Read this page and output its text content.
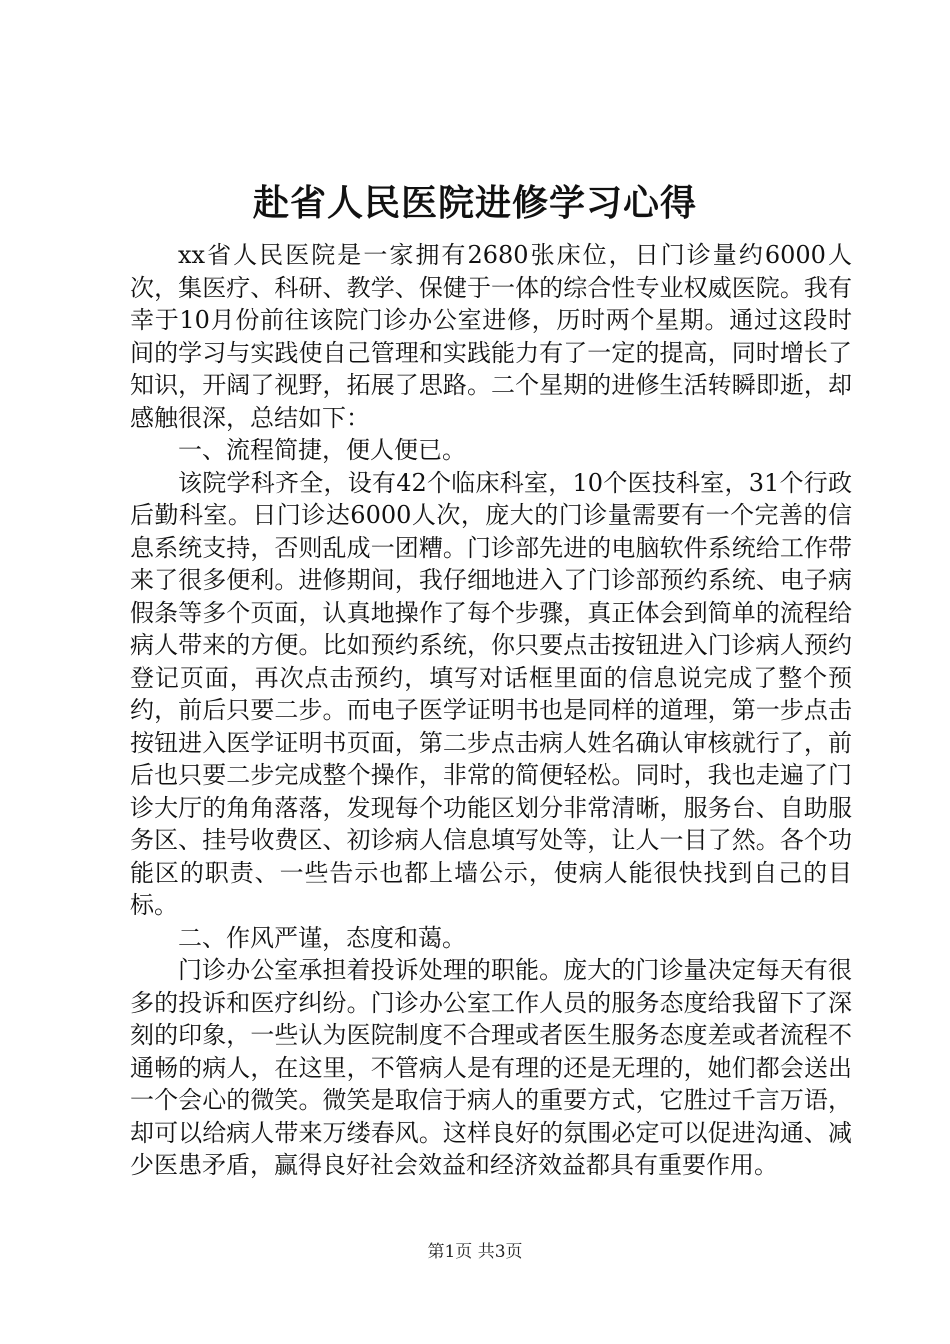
赴省人民医院进修学习心得

xx省人民医院是一家拥有2680张床位，日门诊量约6000人次，集医疗、科研、教学、保健于一体的综合性专业权威医院。我有幸于10月份前往该院门诊办公室进修，历时两个星期。通过这段时间的学习与实践使自己管理和实践能力有了一定的提高，同时增长了知识，开阔了视野，拓展了思路。二个星期的进修生活转瞬即逝，却感触很深，总结如下：

一、流程简捷，便人便已。

该院学科齐全，设有42个临床科室，10个医技科室，31个行政后勤科室。日门诊达6000人次，庞大的门诊量需要有一个完善的信息系统支持，否则乱成一团糟。门诊部先进的电脑软件系统给工作带来了很多便利。进修期间，我仔细地进入了门诊部预约系统、电子病假条等多个页面，认真地操作了每个步骤，真正体会到简单的流程给病人带来的方便。比如预约系统，你只要点击按钮进入门诊病人预约登记页面，再次点击预约，填写对话框里面的信息说完成了整个预约，前后只要二步。而电子医学证明书也是同样的道理，第一步点击按钮进入医学证明书页面，第二步点击病人姓名确认审核就行了，前后也只要二步完成整个操作，非常的简便轻松。同时，我也走遍了门诊大厅的角角落落，发现每个功能区划分非常清晰，服务台、自助服务区、挂号收费区、初诊病人信息填写处等，让人一目了然。各个功能区的职责、一些告示也都上墙公示，使病人能很快找到自己的目标。

二、作风严谨，态度和蔼。

门诊办公室承担着投诉处理的职能。庞大的门诊量决定每天有很多的投诉和医疗纠纷。门诊办公室工作人员的服务态度给我留下了深刻的印象，一些认为医院制度不合理或者医生服务态度差或者流程不通畅的病人，在这里，不管病人是有理的还是无理的，她们都会送出一个会心的微笑。微笑是取信于病人的重要方式，它胜过千言万语，却可以给病人带来万缕春风。这样良好的氛围必定可以促进沟通、减少医患矛盾，赢得良好社会效益和经济效益都具有重要作用。

第1页 共3页
